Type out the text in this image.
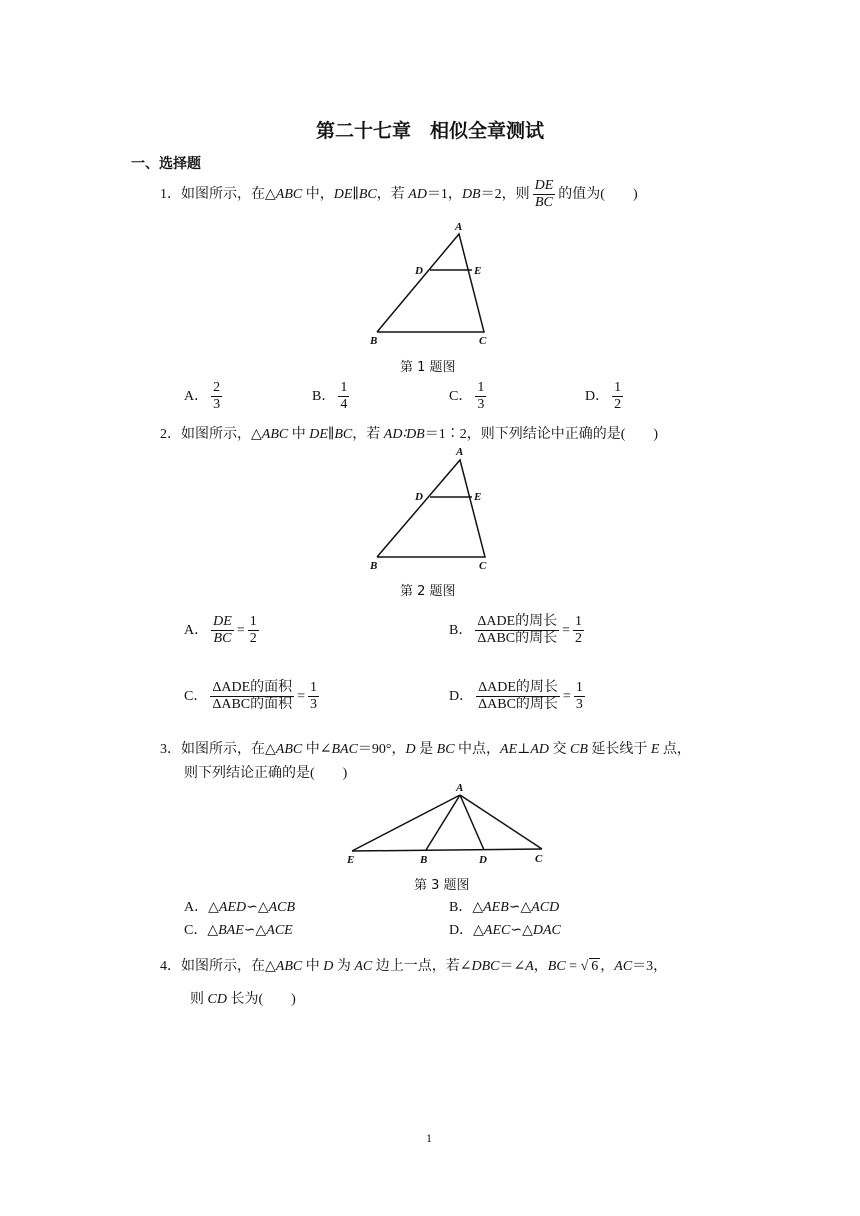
第二十七章　相似全章测试
一、选择题
1．如图所示，在△ABC 中，DE∥BC，若 AD＝1，DB＝2，则 $\frac{DE}{BC}$ 的值为(　　)
A
D	E
B	C
第 1 题图
A． $\frac{2}{3}$	B． $\frac{1}{4}$	C． $\frac{1}{3}$	D． $\frac{1}{2}$
2．如图所示，△ABC 中 DE∥BC，若 AD∶DB＝1∶2，则下列结论中正确的是(　　)
A
D	E
B	C
第 2 题图
A． $\frac{DE}{BC} = \frac{1}{2}$	B． $\frac{\text{ΔADE的周长}}{\text{ΔABC的周长}} = \frac{1}{2}$
C． $\frac{\text{ΔADE的面积}}{\text{ΔABC的面积}} = \frac{1}{3}$	D． $\frac{\text{ΔADE的周长}}{\text{ΔABC的周长}} = \frac{1}{3}$
3．如图所示，在△ABC 中∠BAC＝90°，D 是 BC 中点，AE⊥AD 交 CB 延长线于 E 点，
则下列结论正确的是(　　)
A
E	B	D	C
第 3 题图
A．△AED∽△ACB	B．△AEB∽△ACD
C．△BAE∽△ACE	D．△AEC∽△DAC
4．如图所示，在△ABC 中 D 为 AC 边上一点，若∠DBC＝∠A，BC = √ 6 ，AC＝3，
则 CD 长为(　　)
1
